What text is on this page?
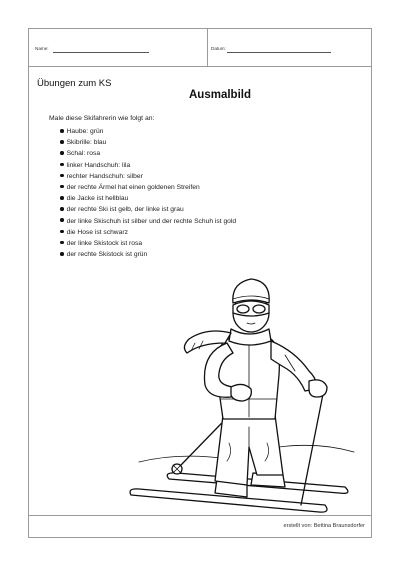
Name:	Datum:
Übungen zum KS
Ausmalbild
Male diese Skifahrerin wie folgt an:
Haube: grün
Skibrille: blau
Schal: rosa
linker Handschuh: lila
rechter Handschuh: silber
der rechte Ärmel hat einen goldenen Streifen
die Jacke ist hellblau
der rechte Ski ist gelb, der linke ist grau
der linke Skischuh ist silber und der rechte Schuh ist gold
die Hose ist schwarz
der linke Skistock ist rosa
der rechte Skistock ist grün
erstellt von: Bettina Braunsdorfer
